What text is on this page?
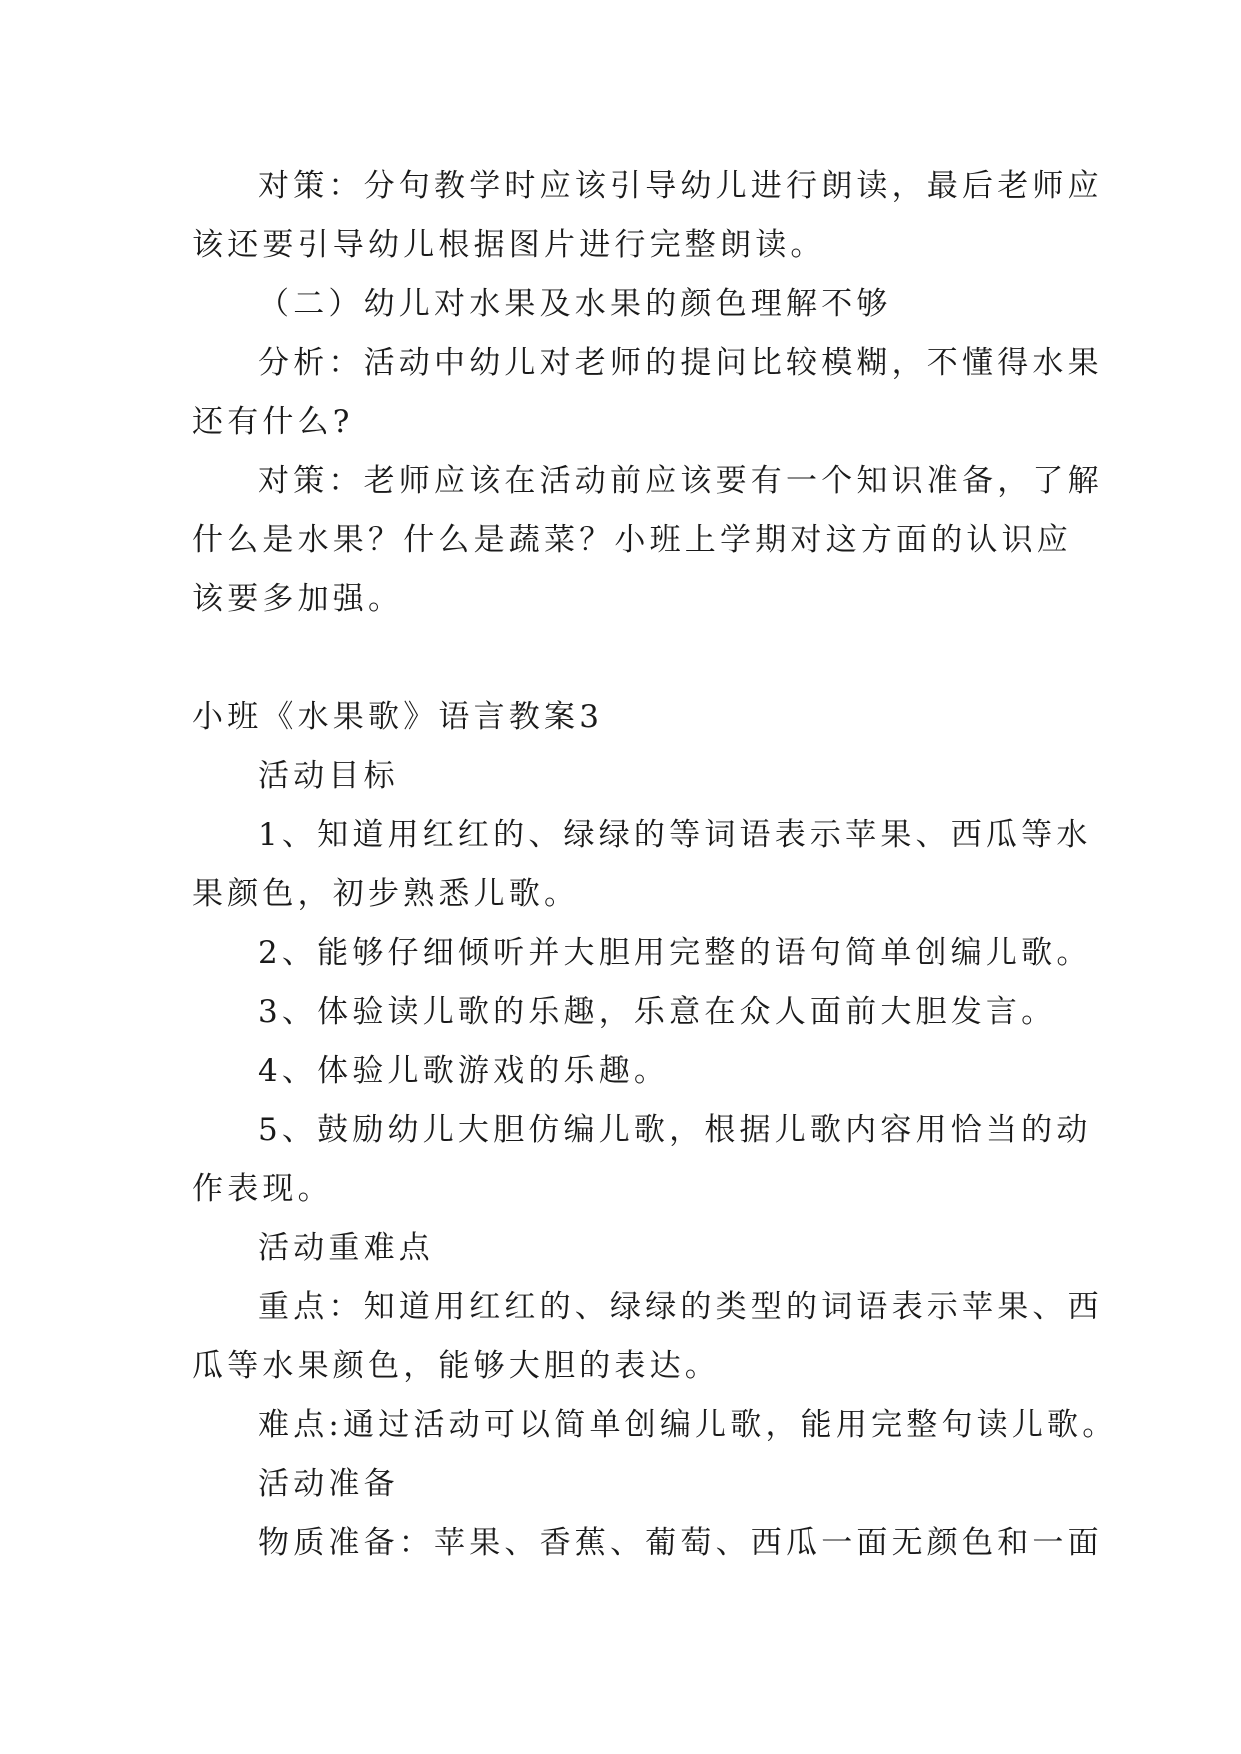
对策：分句教学时应该引导幼儿进行朗读，最后老师应
该还要引导幼儿根据图片进行完整朗读。
（二）幼儿对水果及水果的颜色理解不够
分析：活动中幼儿对老师的提问比较模糊，不懂得水果
还有什么?
对策：老师应该在活动前应该要有一个知识准备，了解
什么是水果？什么是蔬菜？小班上学期对这方面的认识应
该要多加强。
小班《水果歌》语言教案3
活动目标
1、知道用红红的、绿绿的等词语表示苹果、西瓜等水
果颜色，初步熟悉儿歌。
2、能够仔细倾听并大胆用完整的语句简单创编儿歌。
3、体验读儿歌的乐趣，乐意在众人面前大胆发言。
4、体验儿歌游戏的乐趣。
5、鼓励幼儿大胆仿编儿歌，根据儿歌内容用恰当的动
作表现。
活动重难点
重点：知道用红红的、绿绿的类型的词语表示苹果、西
瓜等水果颜色，能够大胆的表达。
难点:通过活动可以简单创编儿歌，能用完整句读儿歌。
活动准备
物质准备：苹果、香蕉、葡萄、西瓜一面无颜色和一面
